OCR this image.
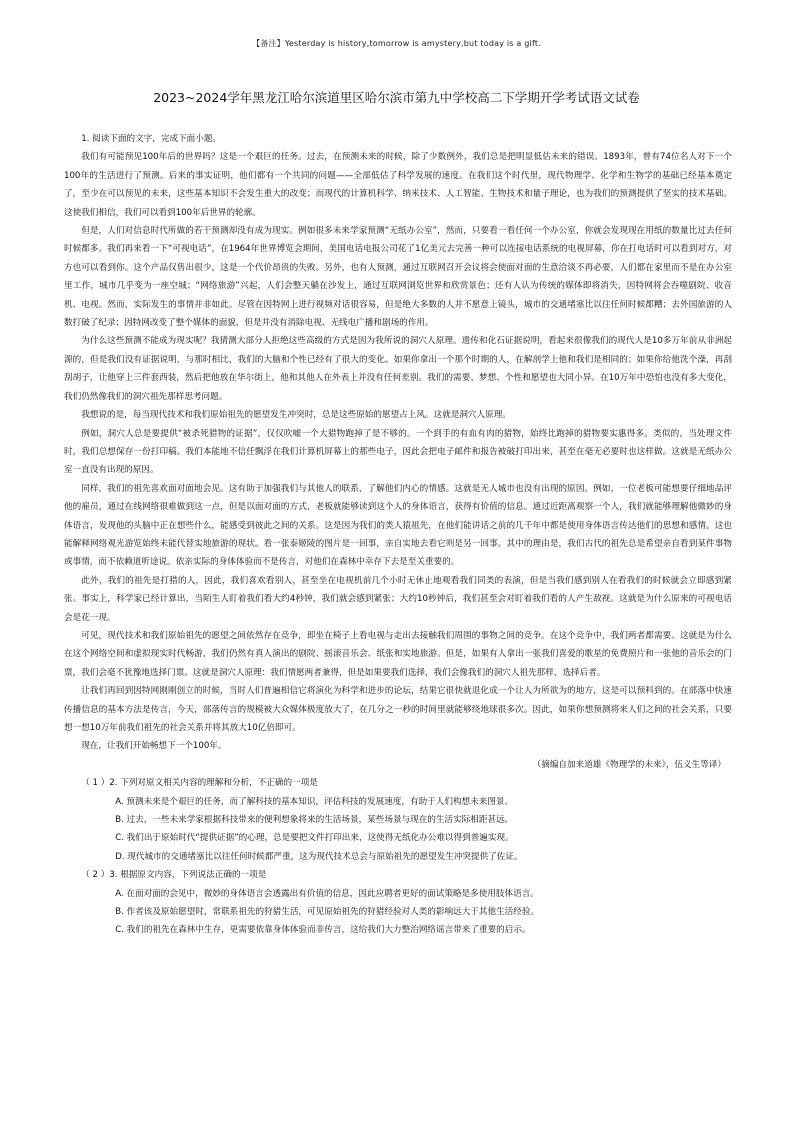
【备注】Yesterday is history,tomorrow is amystery,but today is a gift.
2023~2024学年黑龙江哈尔滨道里区哈尔滨市第九中学校高二下学期开学考试语文试卷

1. 阅读下面的文字，完成下面小题。

我们有可能预见100年后的世界吗？这是一个艰巨的任务。过去，在预测未来的时候，除了少数例外，我们总是把明显低估未来的错误。1893年，曾有74位名人对下一个100年的生活进行了预测。后来的事实证明，他们都有一个共同的问题——全部低估了科学发展的速度。在我们这个时代里，现代物理学、化学和生物学的基础已经基本奠定了，至少在可以预见的未来，这些基本知识不会发生重大的改变；而现代的计算机科学、纳米技术、人工智能、生物技术和量子理论，也为我们的预测提供了坚实的技术基础。这使我们相信，我们可以看到100年后世界的轮廓。

但是，人们对信息时代所做的若干预测却没有成为现实。例如很多未来学家预测“无纸办公室”，然而，只要看一看任何一个办公室，你就会发现现在用纸的数量比过去任何时候都多。我们再来看一下“可视电话”，在1964年世界博览会期间，美国电话电报公司花了1亿美元去完善一种可以连接电话系统的电视屏幕，你在打电话时可以看到对方，对方也可以看到你。这个产品仅售出很少，这是一个代价昂贵的失败。另外，也有人预测，通过互联网召开会议将会使面对面的生意洽谈不再必要，人们都在家里而不是在办公室里工作，城市几乎变为一座空城；“网络旅游”兴起，人们会整天躺在沙发上，通过互联网浏览世界和欣赏景色；还有人认为传统的媒体即将消失，因特网将会吞噬剧院、收音机、电视。然而，实际发生的事情并非如此。尽管在因特网上进行视频对话很容易，但是绝大多数的人并不愿意上镜头，城市的交通堵塞比以往任何时候都糟；去外国旅游的人数打破了纪录；因特网改变了整个媒体的面貌，但是并没有消除电视、无线电广播和剧场的作用。

为什么这些预测不能成为现实呢？我猜测大部分人拒绝这些高级的方式是因为我所说的洞穴人原理。遗传和化石证据说明，看起来很像我们的现代人是10多万年前从非洲起源的，但是我们没有证据说明，与那时相比，我们的大脑和个性已经有了很大的变化。如果你拿出一个那个时期的人，在解剖学上他和我们是相同的；如果你给他洗个澡，再刮刮胡子，让他穿上三件套西装，然后把他放在华尔街上，他和其他人在外表上并没有任何差别。我们的需要、梦想、个性和愿望也大同小异。在10万年中恐怕也没有多大变化，我们仍然像我们的洞穴祖先那样思考问题。

我想说的是，每当现代技术和我们原始祖先的愿望发生冲突时，总是这些原始的愿望占上风。这就是洞穴人原理。

例如，洞穴人总是要提供“被杀死猎物的证据”，仅仅吹嘘一个大猎物跑掉了是不够的。一个到手的有血有肉的猎物，始终比跑掉的猎物要实惠得多。类似的，当处理文件时，我们总想保存一份打印稿。我们本能地不信任飘浮在我们计算机屏幕上的那些电子，因此会把电子邮件和报告被破打印出来，甚至在毫无必要时也这样做。这就是无纸办公室一直没有出现的原因。

同样，我们的祖先喜欢面对面地会见。这有助于加强我们与其他人的联系，了解他们内心的情感。这就是无人城市也没有出现的原因。例如，一位老板可能想要仔细地品评他的雇员，通过在线网络很难做到这一点，但是以面对面的方式，老板就能够读到这个人的身体语言，获得有价值的信息。通过近距离观察一个人，我们就能够理解他微妙的身体语言，发现他的头脑中正在想些什么，能感受到彼此之间的关系。这是因为我们的类人猿祖先，在他们能讲话之前的几千年中都是使用身体语言传达他们的思想和感情。这也能解释网络观光游览始终未能代替实地旅游的现状。看一张泰姬陵的图片是一回事，亲自实地去看它则是另一回事。其中的理由是，我们古代的祖先总是希望亲自看到某件事物或事情，而不依赖道听途说。依亲实际的身体体验而不是传言，对他们在森林中幸存下去是至关重要的。

此外，我们的祖先是打猎的人，因此，我们喜欢看别人，甚至坐在电视机前几个小时无休止地观看我们同类的表演，但是当我们感到别人在看我们的时候就会立即感到紧张。事实上，科学家已经计算出，当陌生人盯着我们看大约4秒钟，我们就会感到紧张；大约10秒钟后，我们甚至会对盯着我们看的人产生敌视。这就是为什么原来的可视电话会是花一现。

可见，现代技术和我们原始祖先的愿望之间依然存在竞争，即坐在椅子上看电视与走出去接触我们周围的事物之间的竞争。在这个竞争中，我们两者都需要。这就是为什么在这个网络空间和虚拟现实时代畅游，我们仍然有真人演出的剧院、摇滚音乐会、纸张和实地旅游。但是，如果有人拿出一张我们喜爱的歌星的免费照片和一张他的音乐会的门票，我们会毫不犹豫地选择门票。这就是洞穴人原理：我们情愿两者兼得，但是如果要我们选择，我们会像我们的洞穴人祖先那样，选择后者。

让我们再回到因特网刚刚创立的时候，当时人们普遍相信它将演化为科学和进步的论坛，结果它很快就退化成一个让人为所欲为的地方，这是可以预料到的。在部落中快速传播信息的基本方法是传言，今天，部落传言的规模被大众媒体极度放大了，在几分之一秒的时间里就能够绕地球很多次。因此，如果你想预测将来人们之间的社会关系，只要想一想10万年前我们祖先的社会关系并将其放大10亿倍即可。

现在，让我们开始畅想下一个100年。

（摘编自加来道雄《物理学的未来》，伍义生等译）

（ 1 ）2. 下列对原文相关内容的理解和分析，不正确的一项是

A. 预测未来是个艰巨的任务，而了解科技的基本知识，评估科技的发展速度，有助于人们构想未来图景。

B. 过去，一些未来学家根据科技带来的便利想象将来的生活场景，某些场景与现在的生活实际相距甚远。

C. 我们出于原始时代“提供证据”的心理，总是要把文件打印出来，这使得无纸化办公难以得到普遍实现。

D. 现代城市的交通堵塞比以往任何时候都严重，这为现代技术总会与原始祖先的愿望发生冲突提供了佐证。

（ 2 ）3. 根据原文内容，下列说法正确的一项是

A. 在面对面的会见中，微妙的身体语言会透露出有价值的信息，因此应聘者更好的面试策略是多使用肢体语言。

B. 作者该及原始愿望时，常联系祖先的狩猎生活，可见原始祖先的狩猎经验对人类的影响远大于其他生活经验。

C. 我们的祖先在森林中生存，更需要依靠身体体验而非传言，这给我们大力整治网络谣言带来了重要的启示。
